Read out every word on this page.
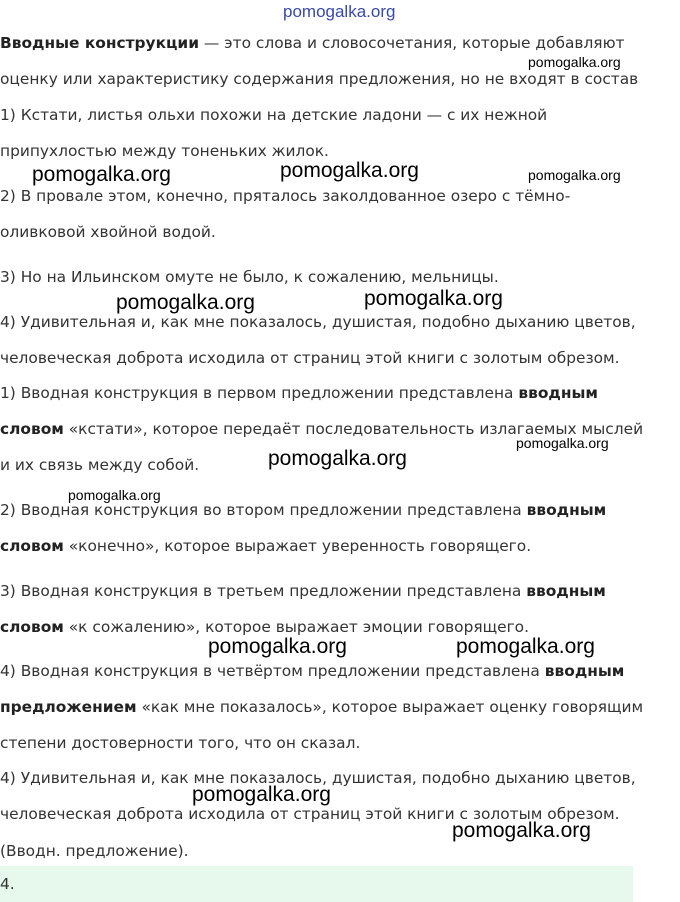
pomogalka.org
Вводные конструкции — это слова и словосочетания, которые добавляют
оценку или характеристику содержания предложения, но не входят в состав
1) Кстати, листья ольхи похожи на детские ладони — с их нежной
припухлостью между тоненьких жилок.
2) В провале этом, конечно, пряталось заколдованное озеро с тёмно-
оливковой хвойной водой.
3) Но на Ильинском омуте не было, к сожалению, мельницы.
4) Удивительная и, как мне показалось, душистая, подобно дыханию цветов,
человеческая доброта исходила от страниц этой книги с золотым обрезом.
1) Вводная конструкция в первом предложении представлена вводным
словом «кстати», которое передаёт последовательность излагаемых мыслей
и их связь между собой.
2) Вводная конструкция во втором предложении представлена вводным
словом «конечно», которое выражает уверенность говорящего.
3) Вводная конструкция в третьем предложении представлена вводным
словом «к сожалению», которое выражает эмоции говорящего.
4) Вводная конструкция в четвёртом предложении представлена вводным
предложением «как мне показалось», которое выражает оценку говорящим
степени достоверности того, что он сказал.
4) Удивительная и, как мне показалось, душистая, подобно дыханию цветов,
человеческая доброта исходила от страниц этой книги с золотым обрезом.
(Вводн. предложение).
4.
pomogalka.org
pomogalka.org	pomogalka.org	pomogalka.org
pomogalka.org	pomogalka.org
pomogalka.org
pomogalka.org
pomogalka.org
pomogalka.org	pomogalka.org
pomogalka.org
pomogalka.org
